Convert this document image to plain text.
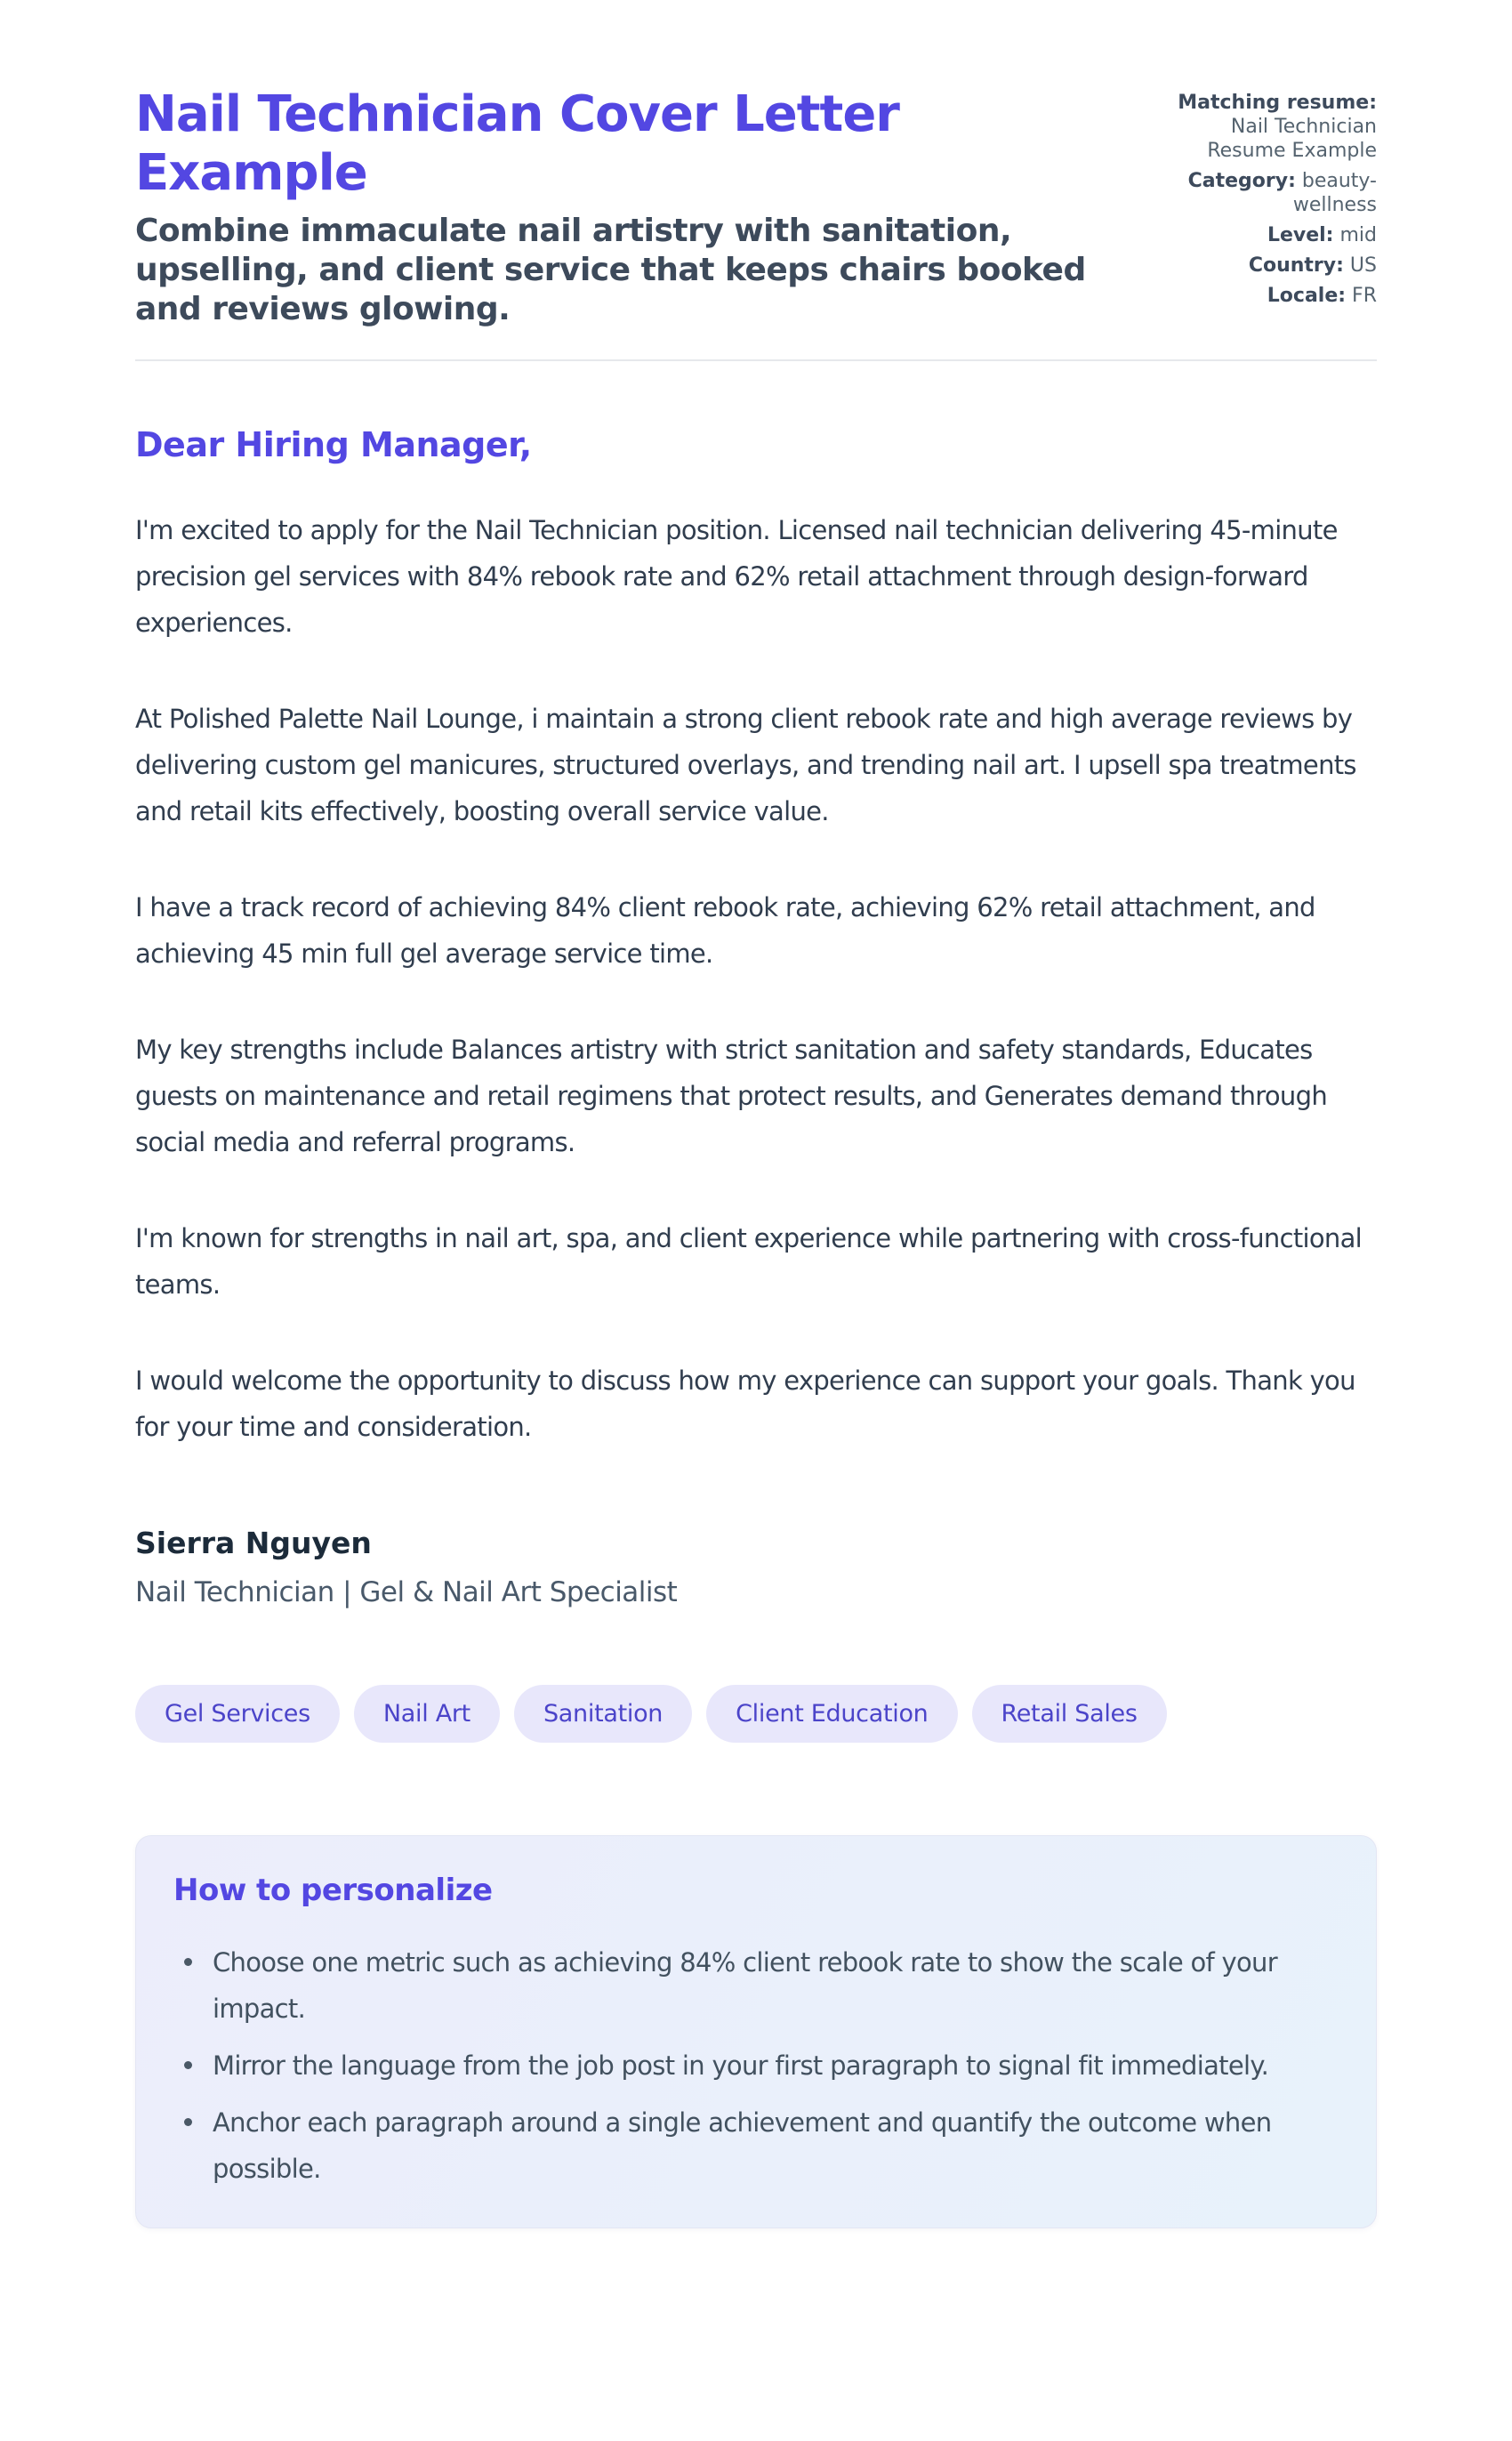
Nail Technician Cover Letter Example
Combine immaculate nail artistry with sanitation, upselling, and client service that keeps chairs booked and reviews glowing.
Matching resume: Nail Technician Resume Example
Category: beauty-wellness
Level: mid
Country: US
Locale: FR
Dear Hiring Manager,

I'm excited to apply for the Nail Technician position. Licensed nail technician delivering 45-minute precision gel services with 84% rebook rate and 62% retail attachment through design-forward experiences.

At Polished Palette Nail Lounge, i maintain a strong client rebook rate and high average reviews by delivering custom gel manicures, structured overlays, and trending nail art. I upsell spa treatments and retail kits effectively, boosting overall service value.

I have a track record of achieving 84% client rebook rate, achieving 62% retail attachment, and achieving 45 min full gel average service time.

My key strengths include Balances artistry with strict sanitation and safety standards, Educates guests on maintenance and retail regimens that protect results, and Generates demand through social media and referral programs.

I'm known for strengths in nail art, spa, and client experience while partnering with cross-functional teams.

I would welcome the opportunity to discuss how my experience can support your goals. Thank you for your time and consideration.

Sierra Nguyen
Nail Technician | Gel & Nail Art Specialist
Gel Services	Nail Art	Sanitation	Client Education	Retail Sales
How to personalize
Choose one metric such as achieving 84% client rebook rate to show the scale of your impact.
Mirror the language from the job post in your first paragraph to signal fit immediately.
Anchor each paragraph around a single achievement and quantify the outcome when possible.
